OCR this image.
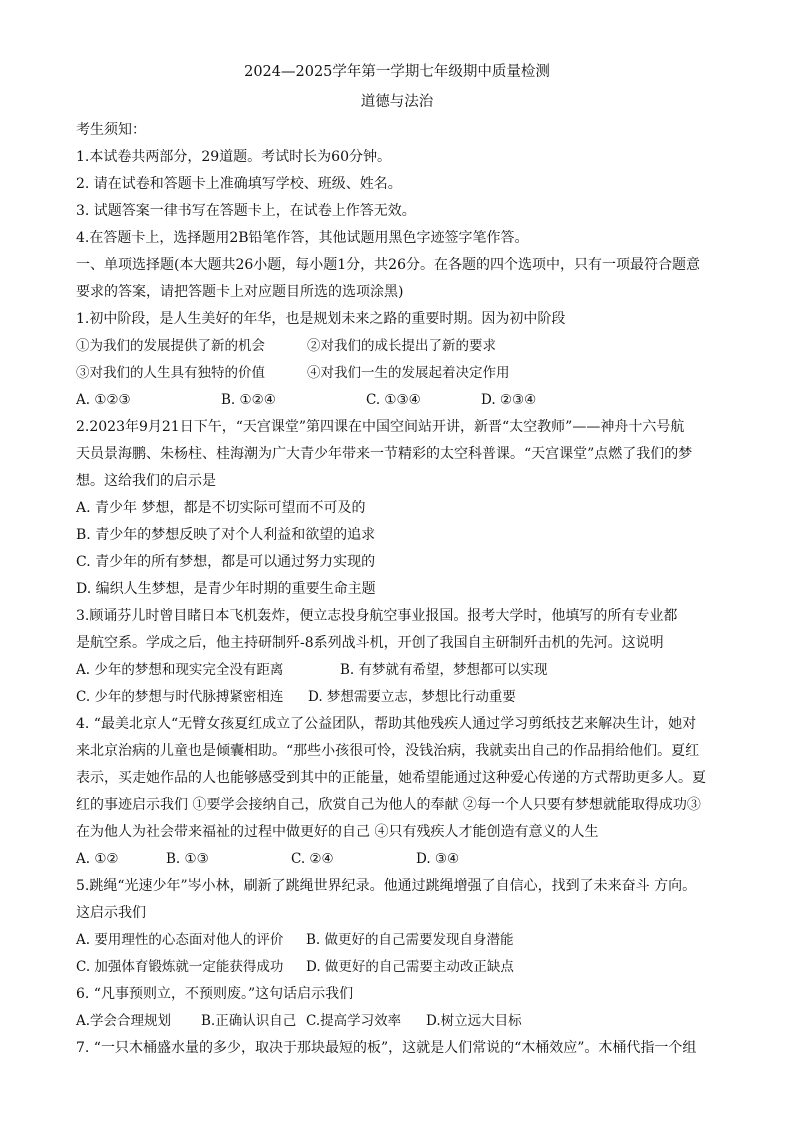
2024—2025学年第一学期七年级期中质量检测
道德与法治
考生须知：
1.本试卷共两部分，29道题。考试时长为60分钟。
2. 请在试卷和答题卡上准确填写学校、班级、姓名。
3. 试题答案一律书写在答题卡上，在试卷上作答无效。
4.在答题卡上，选择题用2B铅笔作答，其他试题用黑色字迹签字笔作答。
一、单项选择题(本大题共26小题，每小题1分，共26分。在各题的四个选项中，只有一项最符合题意
要求的答案，请把答题卡上对应题目所选的选项涂黑)
1.初中阶段，是人生美好的年华，也是规划未来之路的重要时期。因为初中阶段

①为我们的发展提供了新的机会

	②对我们的成长提出了新的要求

③对我们的人生具有独特的价值

	④对我们一生的发展起着决定作用

A. ①②③

	B. ①②④

	C. ①③④

	D. ②③④

2.2023年9月21日下午，“天宫课堂”第四课在中国空间站开讲，新晋“太空教师”——神舟十六号航
天员景海鹏、朱杨柱、桂海潮为广大青少年带来一节精彩的太空科普课。“天宫课堂”点燃了我们的梦
想。这给我们的启示是
A. 青少年 梦想，都是不切实际可望而不可及的
B. 青少年的梦想反映了对个人利益和欲望的追求
C. 青少年的所有梦想，都是可以通过努力实现的
D. 编织人生梦想，是青少年时期的重要生命主题
3.顾诵芬儿时曾目睹日本飞机轰炸，便立志投身航空事业报国。报考大学时，他填写的所有专业都
是航空系。学成之后，他主持研制歼-8系列战斗机，开创了我国自主研制歼击机的先河。这说明

A. 少年的梦想和现实完全没有距离

	B. 有梦就有希望，梦想都可以实现

C. 少年的梦想与时代脉搏紧密相连

D. 梦想需要立志，梦想比行动重要

4. “最美北京人“无臂女孩夏红成立了公益团队，帮助其他残疾人通过学习剪纸技艺来解决生计，她对
来北京治病的儿童也是倾囊相助。“那些小孩很可怜，没钱治病，我就卖出自己的作品捐给他们。夏红
表示，买走她作品的人也能够感受到其中的正能量，她希望能通过这种爱心传递的方式帮助更多人。夏
红的事迹启示我们 ①要学会接纳自己，欣赏自己为他人的奉献 ②每一个人只要有梦想就能取得成功③
在为他人为社会带来福祉的过程中做更好的自己 ④只有残疾人才能创造有意义的人生

A. ①②

	B. ①③

	C. ②④

	D. ③④

5.跳绳“光速少年”岑小林，刷新了跳绳世界纪录。他通过跳绳增强了自信心，找到了未来奋斗 方向。
这启示我们

A. 要用理性的心态面对他人的评价

B. 做更好的自己需要发现自身潜能

C. 加强体育锻炼就一定能获得成功

D. 做更好的自己需要主动改正缺点

6. “凡事预则立，不预则废。”这句话启示我们

A.学会合理规划

B.正确认识自己

C.提高学习效率

D.树立远大目标

7. “一只木桶盛水量的多少，取决于那块最短的板”，这就是人们常说的“木桶效应”。木桶代指一个组
